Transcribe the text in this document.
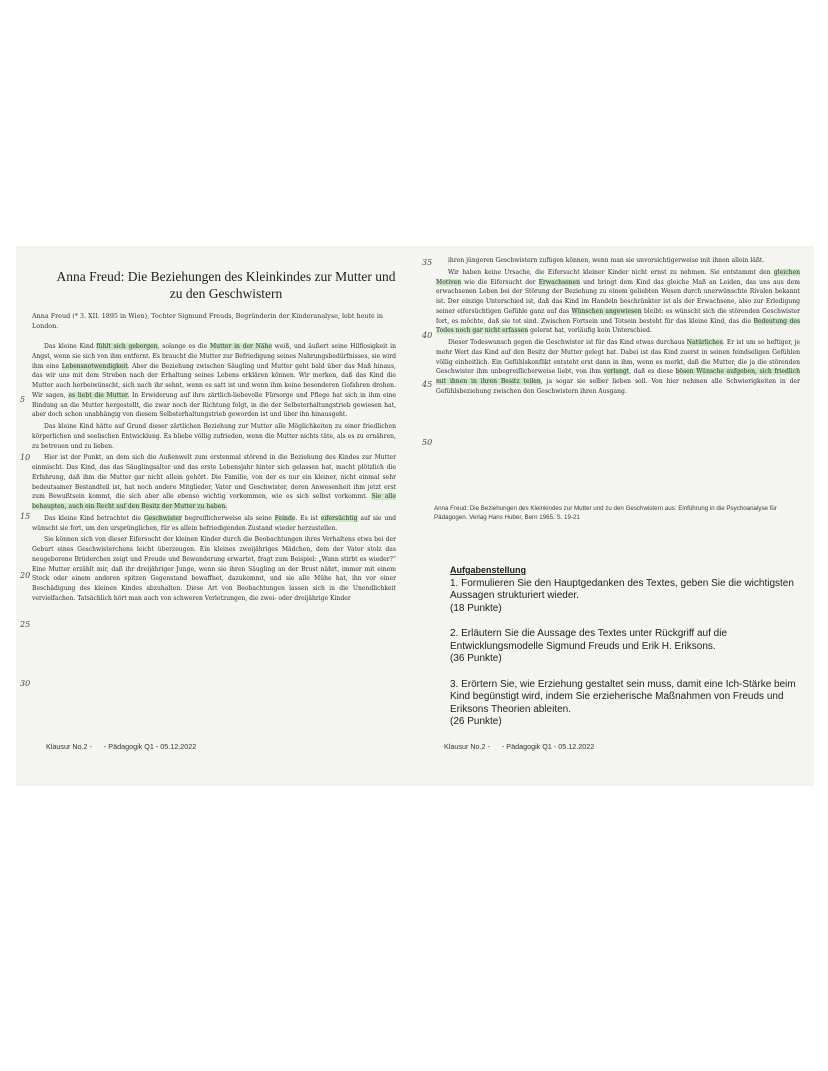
Anna Freud: Die Beziehungen des Kleinkindes zur Mutter und
zu den Geschwistern
Anna Freud (* 3. XII. 1895 in Wien), Tochter Sigmund Freuds, Begründerin der Kinderanalyse, lebt heute in London.
5
10
15
20
25
30

Das kleine Kind fühlt sich geborgen, solange es die Mutter in der Nähe weiß, und äußert seine Hilflosigkeit in Angst, wenn sie sich von ihm entfernt. Es braucht die Mutter zur Befriedigung seines Nahrungsbedürfnisses, sie wird ihm eine Lebensnotwendigkeit. Aber die Beziehung zwischen Säugling und Mutter geht bald über das Maß hinaus, das wir uns mit dem Streben nach der Erhaltung seines Lebens erklären können. Wir merken, daß das Kind die Mutter auch herbeiwünscht, sich nach ihr sehnt, wenn es satt ist und wenn ihm keine besonderen Gefahren drohen. Wir sagen, es liebt die Mutter. In Erwiderung auf ihre zärtlich-liebevolle Fürsorge und Pflege hat sich in ihm eine Bindung an die Mutter hergestellt, die zwar noch der Richtung folgt, in die der Selbsterhaltungstrieb gewiesen hat, aber doch schon unabhängig von diesem Selbsterhaltungstrieb geworden ist und über ihn hinausgeht.

Das kleine Kind hätte auf Grund dieser zärtlichen Beziehung zur Mutter alle Möglichkeiten zu einer friedlichen körperlichen und seelischen Entwicklung. Es bliebe völlig zufrieden, wenn die Mutter nichts täte, als es zu ernähren, zu betreuen und zu lieben.

Hier ist der Punkt, an dem sich die Außenwelt zum erstenmal störend in die Beziehung des Kindes zur Mutter einmischt. Das Kind, das das Säuglingsalter und das erste Lebensjahr hinter sich gelassen hat, macht plötzlich die Erfahrung, daß ihm die Mutter gar nicht allein gehört. Die Familie, von der es nur ein kleiner, nicht einmal sehr bedeutsamer Bestandteil ist, hat noch andere Mitglieder, Vater und Geschwister, deren Anwesenheit ihm jetzt erst zum Bewußtsein kommt, die sich aber alle ebenso wichtig vorkommen, wie es sich selbst vorkommt. Sie alle behaupten, auch ein Recht auf den Besitz der Mutter zu haben.

Das kleine Kind betrachtet die Geschwister begreiflicherweise als seine Feinde. Es ist eifersüchtig auf sie und wünscht sie fort, um den ursprünglichen, für es allein befriedigenden Zustand wieder herzustellen.

Sie können sich von dieser Eifersucht der kleinen Kinder durch die Beobachtungen ihres Verhaltens etwa bei der Geburt eines Geschwisterchens leicht überzeugen. Ein kleines zweijähriges Mädchen, dem der Vater stolz das neugeborene Brüderchen zeigt und Freude und Bewunderung erwartet, fragt zum Beispiel: „Wann stirbt es wieder?“ Eine Mutter erzählt mir, daß ihr dreijähriger Junge, wenn sie ihren Säugling an der Brust nährt, immer mit einem Stock oder einem anderen spitzen Gegenstand bewaffnet, dazukommt, und sie alle Mühe hat, ihn vor einer Beschädigung des kleinen Kindes abzuhalten. Diese Art von Beobachtungen lassen sich in die Unendlichkeit vervielfachen. Tatsächlich hört man auch von schweren Verletzungen, die zwei- oder dreijährige Kinder

Klausur No.2 -      - Pädagogik Q1 - 05.12.2022
35
40
45
50

ihren jüngeren Geschwistern zufügen können, wenn man sie unvorsichtigerweise mit ihnen allein läßt.

Wir haben keine Ursache, die Eifersucht kleiner Kinder nicht ernst zu nehmen. Sie entstammt den gleichen Motiven wie die Eifersucht der Erwachsenen und bringt dem Kind das gleiche Maß an Leiden, das uns aus dem erwachsenen Leben bei der Störung der Beziehung zu einem geliebten Wesen durch unerwünschte Rivalen bekannt ist. Der einzige Unterschied ist, daß das Kind im Handeln beschränkter ist als der Erwachsene, also zur Erledigung seiner eifersüchtigen Gefühle ganz auf das Wünschen angewiesen bleibt: es wünscht sich die störenden Geschwister fort, es möchte, daß sie tot sind. Zwischen Fortsein und Totsein besteht für das kleine Kind, das die Bedeutung des Todes noch gar nicht erfassen gelernt hat, vorläufig kein Unterschied.

Dieser Todeswunsch gegen die Geschwister ist für das Kind etwas durchaus Natürliches. Er ist um so heftiger, je mehr Wert das Kind auf den Besitz der Mutter gelegt hat. Dabei ist das Kind zuerst in seinen feindseligen Gefühlen völlig einheitlich. Ein Gefühlskonflikt entsteht erst dann in ihm, wenn es merkt, daß die Mutter, die ja die störenden Geschwister ihm unbegreiflicherweise liebt, von ihm verlangt, daß es diese bösen Wünsche aufgeben, sich friedlich mit ihnen in ihren Besitz teilen, ja sogar sie selber lieben soll. Von hier nehmen alle Schwierigkeiten in der Gefühlsbeziehung zwischen den Geschwistern ihren Ausgang.

Anna Freud: Die Beziehungen des Kleinkindes zur Mutter und zu den Geschwistern aus: Einführung in die Psychoanalyse für Pädagogen. Verlag Hans Huber, Bern 1965. S. 19-21
Aufgabenstellung
1. Formulieren Sie den Hauptgedanken des Textes, geben Sie die wichtigsten Aussagen strukturiert wieder.
(18 Punkte)
2. Erläutern Sie die Aussage des Textes unter Rückgriff auf die Entwicklungsmodelle Sigmund Freuds und Erik H. Eriksons.
(36 Punkte)
3. Erörtern Sie, wie Erziehung gestaltet sein muss, damit eine Ich-Stärke beim Kind begünstigt wird, indem Sie erzieherische Maßnahmen von Freuds und Eriksons Theorien ableiten.
(26 Punkte)
Klausur No.2 -      - Pädagogik Q1 - 05.12.2022
